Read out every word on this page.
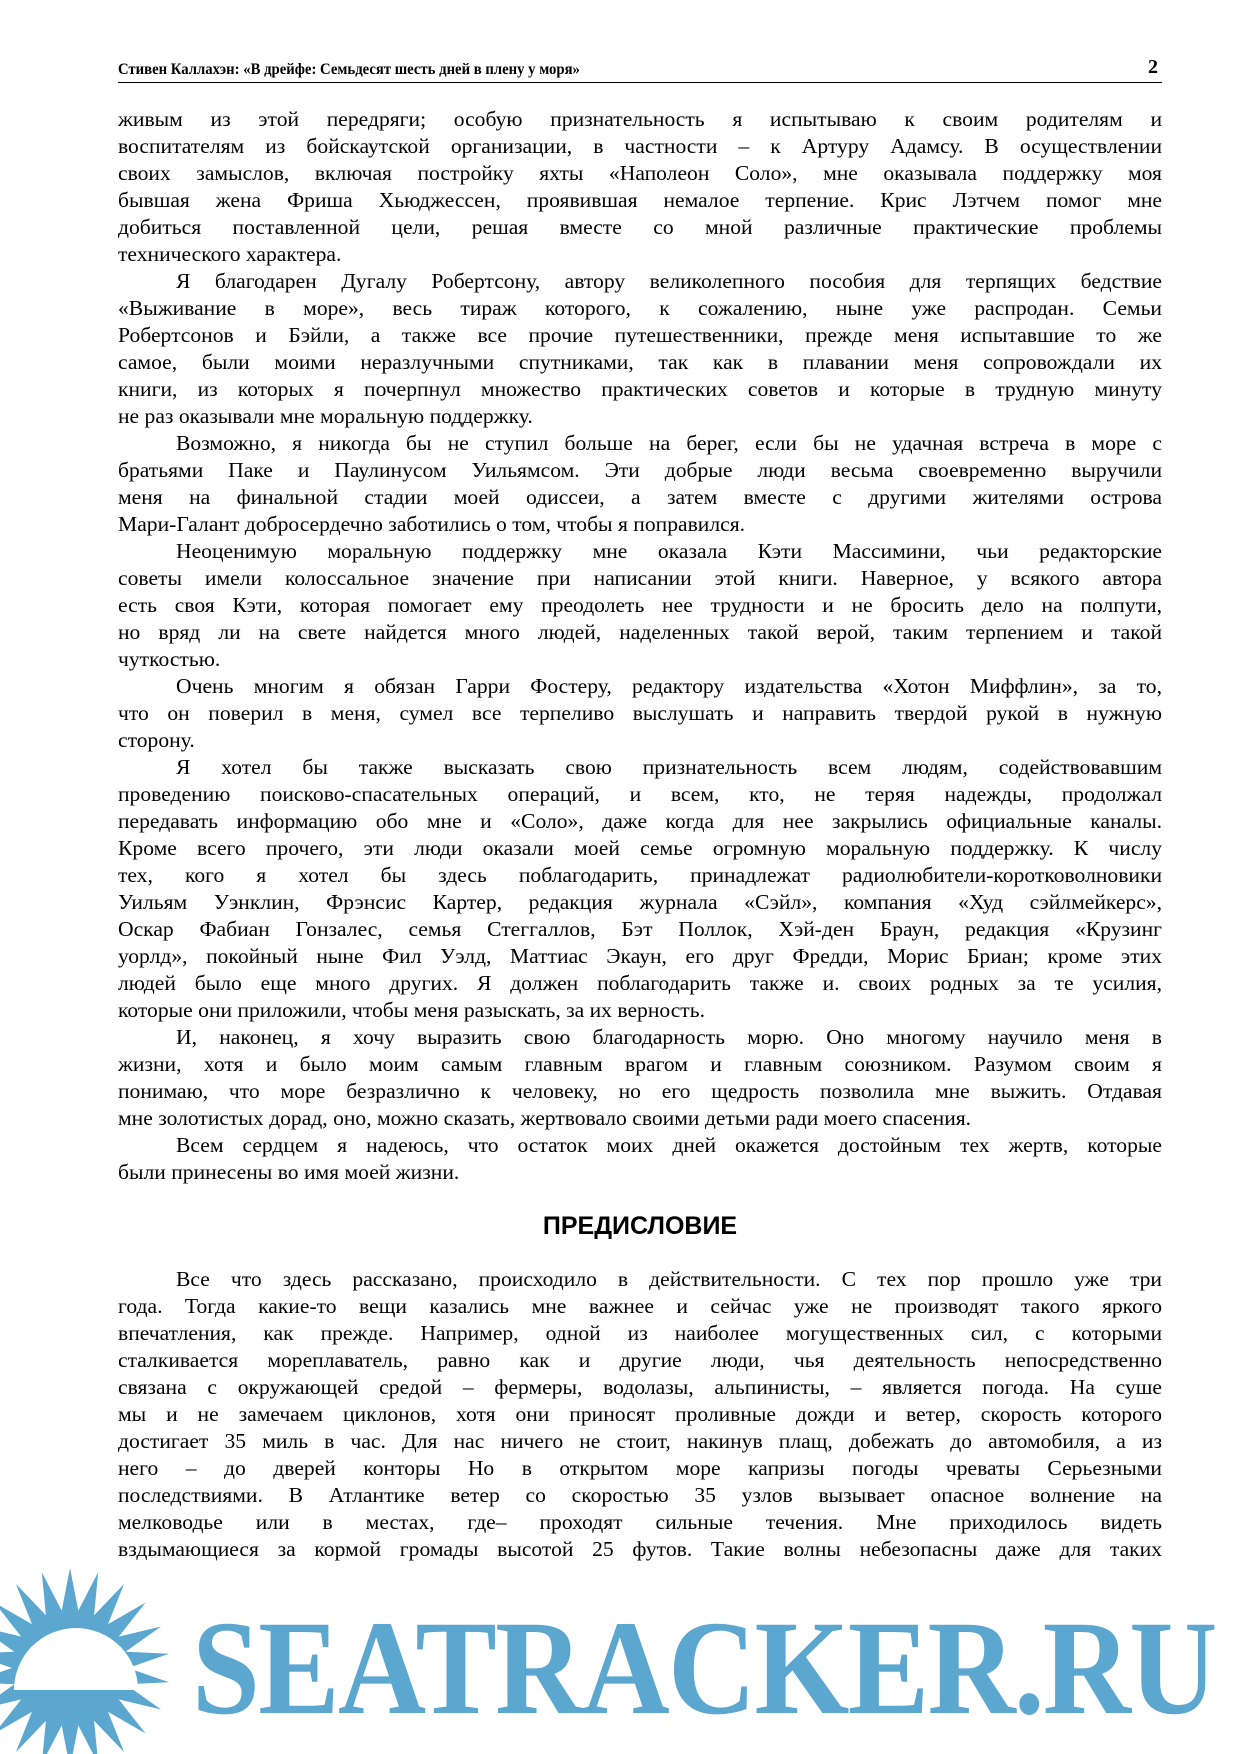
Стивен Каллахэн: «В дрейфе: Семьдесят шесть дней в плену у моря»	2
SEATRACKER.RU
живым из этой передряги; особую признательность я испытываю к своим родителям и
воспитателям из бойскаутской организации, в частности – к Артуру Адамсу. В осуществлении
своих замыслов, включая постройку яхты «Наполеон Соло», мне оказывала поддержку моя
бывшая жена Фриша Хьюджессен, проявившая немалое терпение. Крис Лэтчем помог мне
добиться поставленной цели, решая вместе со мной различные практические проблемы
технического характера.
Я благодарен Дугалу Робертсону, автору великолепного пособия для терпящих бедствие
«Выживание в море», весь тираж которого, к сожалению, ныне уже распродан. Семьи
Робертсонов и Бэйли, а также все прочие путешественники, прежде меня испытавшие то же
самое, были моими неразлучными спутниками, так как в плавании меня сопровождали их
книги, из которых я почерпнул множество практических советов и которые в трудную минуту
не раз оказывали мне моральную поддержку.
Возможно, я никогда бы не ступил больше на берег, если бы не удачная встреча в море с
братьями Паке и Паулинусом Уильямсом. Эти добрые люди весьма своевременно выручили
меня на финальной стадии моей одиссеи, а затем вместе с другими жителями острова
Мари-Галант добросердечно заботились о том, чтобы я поправился.
Неоценимую моральную поддержку мне оказала Кэти Массимини, чьи редакторские
советы имели колоссальное значение при написании этой книги. Наверное, у всякого автора
есть своя Кэти, которая помогает ему преодолеть нее трудности и не бросить дело на полпути,
но вряд ли на свете найдется много людей, наделенных такой верой, таким терпением и такой
чуткостью.
Очень многим я обязан Гарри Фостеру, редактору издательства «Хотон Миффлин», за то,
что он поверил в меня, сумел все терпеливо выслушать и направить твердой рукой в нужную
сторону.
Я хотел бы также высказать свою признательность всем людям, содействовавшим
проведению поисково-спасательных операций, и всем, кто, не теряя надежды, продолжал
передавать информацию обо мне и «Соло», даже когда для нее закрылись официальные каналы.
Кроме всего прочего, эти люди оказали моей семье огромную моральную поддержку. К числу
тех, кого я хотел бы здесь поблагодарить, принадлежат радиолюбители-коротковолновики
Уильям Уэнклин, Фрэнсис Картер, редакция журнала «Сэйл», компания «Худ сэйлмейкерс»,
Оскар Фабиан Гонзалес, семья Стеггаллов, Бэт Поллок, Хэй-ден Браун, редакция «Крузинг
уорлд», покойный ныне Фил Уэлд, Маттиас Экаун, его друг Фредди, Морис Бриан; кроме этих
людей было еще много других. Я должен поблагодарить также и. своих родных за те усилия,
которые они приложили, чтобы меня разыскать, за их верность.
И, наконец, я хочу выразить свою благодарность морю. Оно многому научило меня в
жизни, хотя и было моим самым главным врагом и главным союзником. Разумом своим я
понимаю, что море безразлично к человеку, но его щедрость позволила мне выжить. Отдавая
мне золотистых дорад, оно, можно сказать, жертвовало своими детьми ради моего спасения.
Всем сердцем я надеюсь, что остаток моих дней окажется достойным тех жертв, которые
были принесены во имя моей жизни.
ПРЕДИСЛОВИЕ
Все что здесь рассказано, происходило в действительности. С тех пор прошло уже три
года. Тогда какие-то вещи казались мне важнее и сейчас уже не производят такого яркого
впечатления, как прежде. Например, одной из наиболее могущественных сил, с которыми
сталкивается мореплаватель, равно как и другие люди, чья деятельность непосредственно
связана с окружающей средой – фермеры, водолазы, альпинисты, – является погода. На суше
мы и не замечаем циклонов, хотя они приносят проливные дожди и ветер, скорость которого
достигает 35 миль в час. Для нас ничего не стоит, накинув плащ, добежать до автомобиля, а из
него – до дверей конторы Но в открытом море капризы погоды чреваты Серьезными
последствиями. В Атлантике ветер со скоростью 35 узлов вызывает опасное волнение на
мелководье или в местах, где– проходят сильные течения. Мне приходилось видеть
вздымающиеся за кормой громады высотой 25 футов. Такие волны небезопасны даже для таких
